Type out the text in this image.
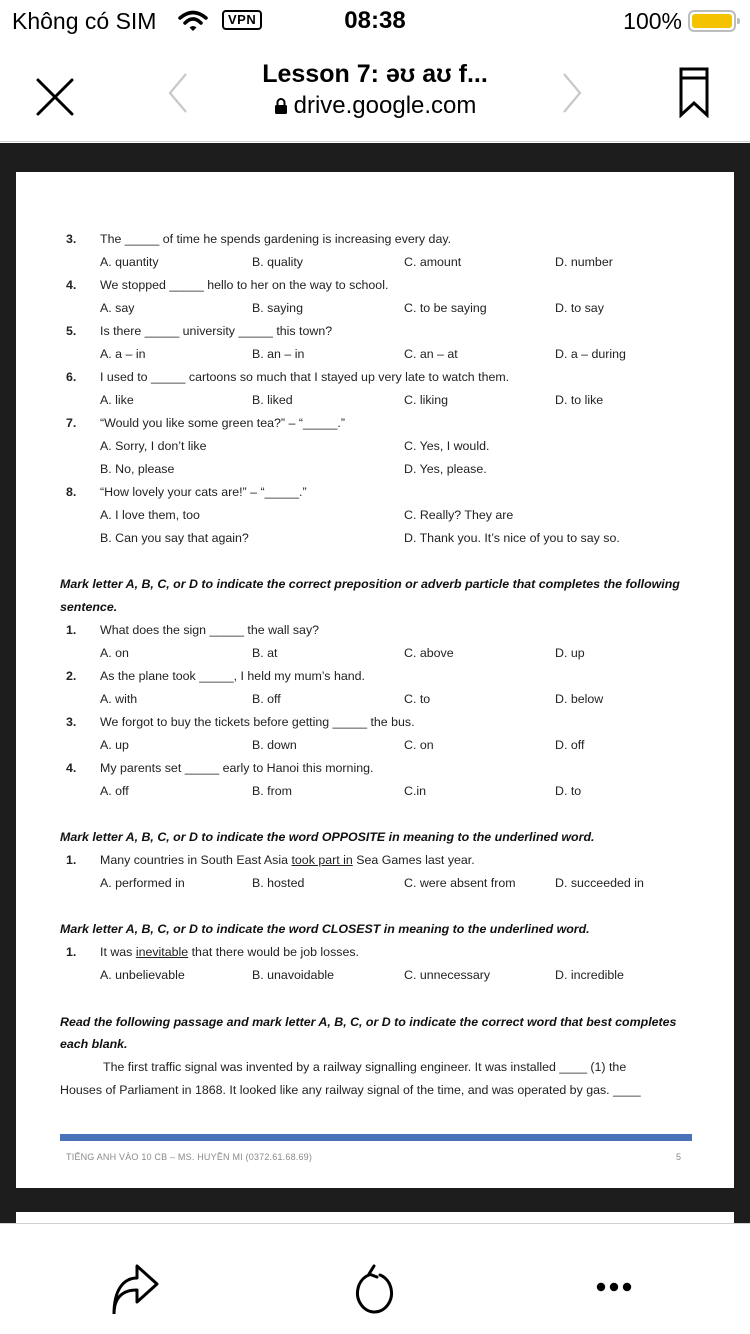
Không có SIM	VPN	08:38	100%
Lesson 7: əʊ aʊ f...
drive.google.com
3. The _____ of time he spends gardening is increasing every day.
A. quantity	B. quality	C. amount	D. number
4. We stopped _____ hello to her on the way to school.
A. say	B. saying	C. to be saying	D. to say
5. Is there _____ university _____ this town?
A. a – in	B. an – in	C. an – at	D. a – during
6. I used to _____ cartoons so much that I stayed up very late to watch them.
A. like	B. liked	C. liking	D. to like
7. “Would you like some green tea?” – “_____.”
A. Sorry, I don’t like	C. Yes, I would.
B. No, please	D. Yes, please.
8. “How lovely your cats are!” – “_____.”
A. I love them, too	C. Really? They are
B. Can you say that again?	D. Thank you. It’s nice of you to say so.
Mark letter A, B, C, or D to indicate the correct preposition or adverb particle that completes the following
sentence.
1. What does the sign _____ the wall say?
A. on	B. at	C. above	D. up
2. As the plane took _____, I held my mum’s hand.
A. with	B. off	C. to	D. below
3. We forgot to buy the tickets before getting _____ the bus.
A. up	B. down	C. on	D. off
4. My parents set _____ early to Hanoi this morning.
A. off	B. from	C.in	D. to
Mark letter A, B, C, or D to indicate the word OPPOSITE in meaning to the underlined word.
1. Many countries in South East Asia took part in Sea Games last year.
A. performed in	B. hosted	C. were absent from	D. succeeded in
Mark letter A, B, C, or D to indicate the word CLOSEST in meaning to the underlined word.
1. It was inevitable that there would be job losses.
A. unbelievable	B. unavoidable	C. unnecessary	D. incredible
Read the following passage and mark letter A, B, C, or D to indicate the correct word that best completes
each blank.
The first traffic signal was invented by a railway signalling engineer. It was installed ____ (1) the
Houses of Parliament in 1868. It looked like any railway signal of the time, and was operated by gas. ____
TIẾNG ANH VÀO 10 CB – MS. HUYỀN MI (0372.61.68.69)	5
